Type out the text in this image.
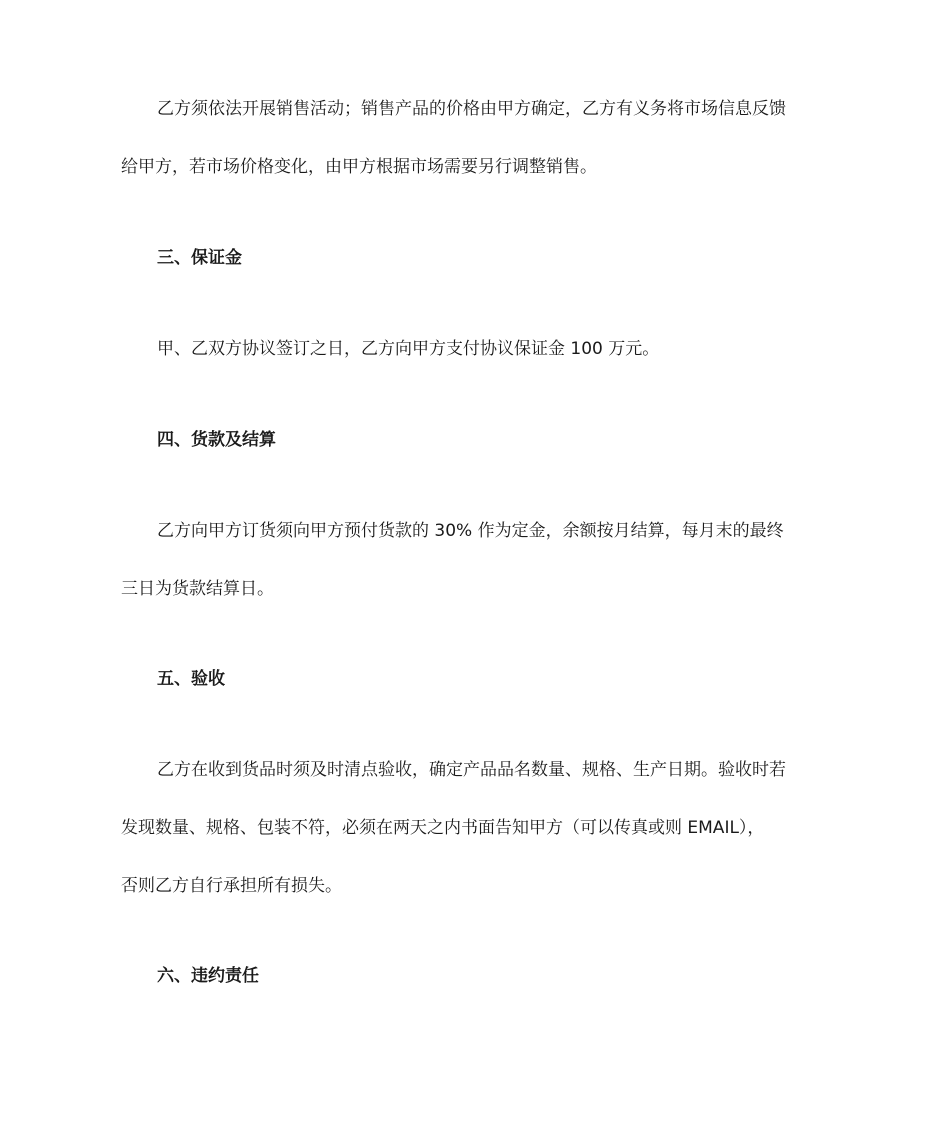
乙方须依法开展销售活动；销售产品的价格由甲方确定，乙方有义务将市场信息反馈
给甲方，若市场价格变化，由甲方根据市场需要另行调整销售。
三、保证金
甲、乙双方协议签订之日，乙方向甲方支付协议保证金 100 万元。
四、货款及结算
乙方向甲方订货须向甲方预付货款的 30% 作为定金，余额按月结算，每月末的最终
三日为货款结算日。
五、验收
乙方在收到货品时须及时清点验收，确定产品品名数量、规格、生产日期。验收时若
发现数量、规格、包装不符，必须在两天之内书面告知甲方（可以传真或则 EMAIL），
否则乙方自行承担所有损失。
六、违约责任
